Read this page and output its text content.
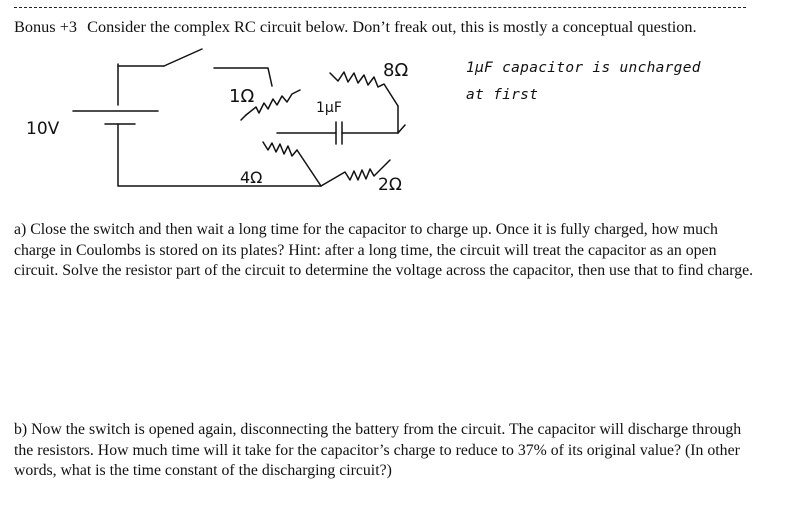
Bonus +3 Consider the complex RC circuit below. Don’t freak out, this is mostly a conceptual question.
10V
1Ω
8Ω
1μF
4Ω	2Ω
1μF capacitor is uncharged
at first

a) Close the switch and then wait a long time for the capacitor to charge up. Once it is fully charged, how much charge in Coulombs is stored on its plates? Hint: after a long time, the circuit will treat the capacitor as an open circuit. Solve the resistor part of the circuit to determine the voltage across the capacitor, then use that to find charge.

b) Now the switch is opened again, disconnecting the battery from the circuit. The capacitor will discharge through the resistors. How much time will it take for the capacitor’s charge to reduce to 37% of its original value? (In other words, what is the time constant of the discharging circuit?)
